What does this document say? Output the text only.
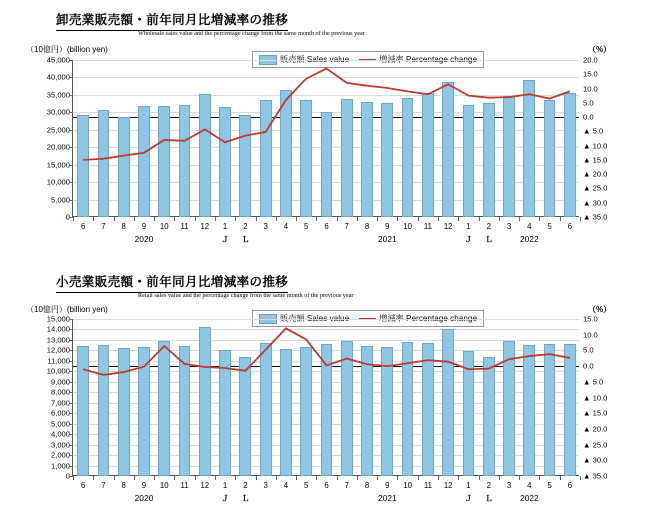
卸売業販売額・前年同月比増減率の推移
Wholesale sales value and the percentage change from the same month of the previous year
（10億円）(billion yen)	（%）
販売額 Sales value	増減率 Percentage change
0
5,000
10,000
15,000
20,000
25,000
30,000
35,000
40,000
45,000	20.0
15.0
10.0
5.0
0.0
▲ 5.0
▲ 10.0
▲ 15.0
▲ 20.0
▲ 25.0
▲ 30.0
▲ 35.0
6 7 8 9 10 11 12 1 2 3 4 5 6 7 8 9 10 11 12 1 2 3 4 5 6
Ｊ Ｌ	Ｊ Ｌ
2020	2021	2022
小売業販売額・前年同月比増減率の推移
Retail sales value and the percentage change from the same month of the previous year
（10億円）(billion yen)	（%）
販売額 Sales value	増減率 Percentage change
0
1,000
2,000
3,000
4,000
5,000
6,000
7,000
8,000
9,000
10,000
11,000
12,000
13,000
14,000
15,000	15.0
10.0
5.0
0.0
▲ 5.0
▲ 10.0
▲ 15.0
▲ 20.0
▲ 25.0
▲ 30.0
▲ 35.0
6 7 8 9 10 11 12 1 2 3 4 5 6 7 8 9 10 11 12 1 2 3 4 5 6
Ｊ Ｌ	Ｊ Ｌ
2020	2021	2022
